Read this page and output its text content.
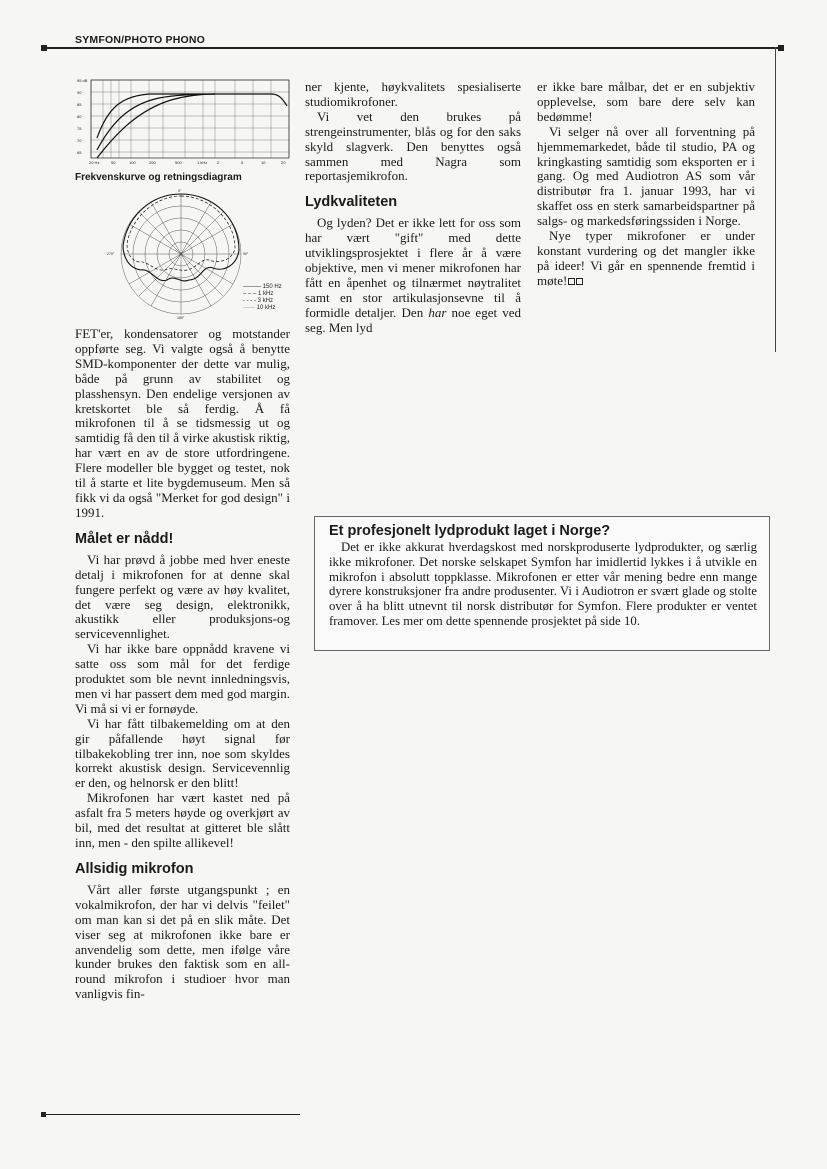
SYMFON/PHOTO PHONO
95 dB
90
85
80
75
70
65
20 Hz	50	100	200	500	1 kHz 2	5	10	20
Frekvenskurve og retningsdiagram
0°
270°	90°
180°
——— 150 Hz
– – – 1 kHz
- - - - 3 kHz
······ 10 kHz

FET'er, kondensatorer og motstander oppførte seg. Vi valgte også å benytte SMD-komponenter der dette var mulig, både på grunn av stabilitet og plasshensyn. Den endelige versjonen av kretskortet ble så ferdig. Å få mikrofonen til å se tidsmessig ut og samtidig få den til å virke akustisk riktig, har vært en av de store utfordringene. Flere modeller ble bygget og testet, nok til å starte et lite bygdemuseum. Men så fikk vi da også "Merket for god design" i 1991.

Målet er nådd!

Vi har prøvd å jobbe med hver eneste detalj i mikrofonen for at denne skal fungere perfekt og være av høy kvalitet, det være seg design, elektronikk, akustikk eller produksjons-og servicevennlighet.

Vi har ikke bare oppnådd kravene vi satte oss som mål for det ferdige produktet som ble nevnt innledningsvis, men vi har passert dem med god margin. Vi må si vi er fornøyde.

Vi har fått tilbakemelding om at den gir påfallende høyt signal før tilbakekobling trer inn, noe som skyldes korrekt akustisk design. Servicevennlig er den, og helnorsk er den blitt!

Mikrofonen har vært kastet ned på asfalt fra 5 meters høyde og overkjørt av bil, med det resultat at gitteret ble slått inn, men - den spilte allikevel!

Allsidig mikrofon

Vårt aller første utgangspunkt ; en vokalmikrofon, der har vi delvis "feilet" om man kan si det på en slik måte. Det viser seg at mikrofonen ikke bare er anvendelig som dette, men ifølge våre kunder brukes den faktisk som en all-round mikrofon i studioer hvor man vanligvis fin-

ner kjente, høykvalitets spesialiserte studiomikrofoner.

Vi vet den brukes på strengeinstrumenter, blås og for den saks skyld slagverk. Den benyttes også sammen med Nagra som reportasjemikrofon.

Lydkvaliteten

Og lyden? Det er ikke lett for oss som har vært "gift" med dette utviklingsprosjektet i flere år å være objektive, men vi mener mikrofonen har fått en åpenhet og tilnærmet nøytralitet samt en stor artikulasjonsevne til å formidle detaljer. Den har noe eget ved seg. Men lyd

er ikke bare målbar, det er en subjektiv opplevelse, som bare dere selv kan bedømme!

Vi selger nå over all forventning på hjemmemarkedet, både til studio, PA og kringkasting samtidig som eksporten er i gang. Og med Audiotron AS som vår distributør fra 1. januar 1993, har vi skaffet oss en sterk samarbeidspartner på salgs- og markedsføringssiden i Norge.

Nye typer mikrofoner er under konstant vurdering og det mangler ikke på ideer! Vi går en spennende fremtid i møte!

Et profesjonelt lydprodukt laget i Norge?

Det er ikke akkurat hverdagskost med norskproduserte lydprodukter, og særlig ikke mikrofoner. Det norske selskapet Symfon har imidlertid lykkes i å utvikle en mikrofon i absolutt toppklasse. Mikrofonen er etter vår mening bedre enn mange dyrere konstruksjoner fra andre produsenter. Vi i Audiotron er svært glade og stolte over å ha blitt utnevnt til norsk distributør for Symfon. Flere produkter er ventet framover. Les mer om dette spennende prosjektet på side 10.
